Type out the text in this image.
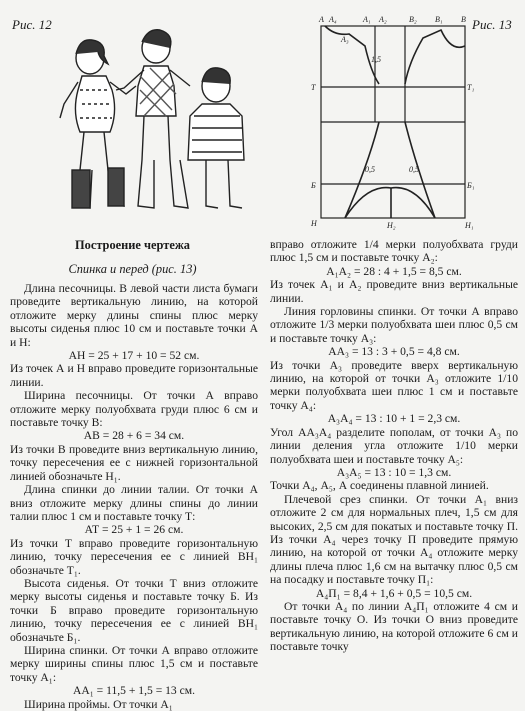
Рис. 12	Рис. 13
A A₄	A₁
A₃
A₂	B₂ B₁ B
T	T₁
Б	Б₁
H	H₂	H₁
0,5	0,5
1,5
Построение чертежа
Спинка и перед (рис. 13)

Длина песочницы. В левой части листа бумаги проведите вертикальную линию, на которой отложите мерку длины спины плюс мерку высоты сиденья плюс 10 см и поставьте точки А и Н:

АН = 25 + 17 + 10 = 52 см.

Из точек А и Н вправо проведите горизонтальные линии.

Ширина песочницы. От точки А вправо отложите мерку полуобхвата груди плюс 6 см и поставьте точку В:

АВ = 28 + 6 = 34 см.

Из точки В проведите вниз вертикальную линию, точку пересечения ее с нижней горизонтальной линией обозначьте Н₁.

Длина спинки до линии талии. От точки А вниз отложите мерку длины спины до линии талии плюс 1 см и поставьте точку Т:

АТ = 25 + 1 = 26 см.

Из точки Т вправо проведите горизонтальную линию, точку пересечения ее с линией ВН₁ обозначьте Т₁.

Высота сиденья. От точки Т вниз отложите мерку высоты сиденья и поставьте точку Б. Из точки Б вправо проведите горизонтальную линию, точку пересечения ее с линией ВН₁ обозначьте Б₁.

Ширина спинки. От точки А вправо отложите мерку ширины спины плюс 1,5 см и поставьте точку А₁:

АА₁ = 11,5 + 1,5 = 13 см.

Ширина проймы. От точки А₁

вправо отложите 1/4 мерки полуобхвата груди плюс 1,5 см и поставьте точку А₂:

А₁А₂ = 28 : 4 + 1,5 = 8,5 см.

Из точек А₁ и А₂ проведите вниз вертикальные линии.

Линия горловины спинки. От точки А вправо отложите 1/3 мерки полуобхвата шеи плюс 0,5 см и поставьте точку А₃:

АА₃ = 13 : 3 + 0,5 = 4,8 см.

Из точки А₃ проведите вверх вертикальную линию, на которой от точки А₃ отложите 1/10 мерки полуобхвата шеи плюс 1 см и поставьте точку А₄:

А₃А₄ = 13 : 10 + 1 = 2,3 см.

Угол АА₃А₄ разделите пополам, от точки А₃ по линии деления угла отложите 1/10 мерки полуобхвата шеи и поставьте точку А₅:

А₃А₅ = 13 : 10 = 1,3 см.

Точки А₄, А₅, А соединены плавной линией.

Плечевой срез спинки. От точки А₁ вниз отложите 2 см для нормальных плеч, 1,5 см для высоких, 2,5 см для покатых и поставьте точку П. Из точки А₄ через точку П проведите прямую линию, на которой от точки А₄ отложите мерку длины плеча плюс 1,6 см на вытачку плюс 0,5 см на посадку и поставьте точку П₁:

А₄П₁ = 8,4 + 1,6 + 0,5 = 10,5 см.

От точки А₄ по линии А₄П₁ отложите 4 см и поставьте точку О. Из точки О вниз проведите вертикальную линию, на которой отложите 6 см и поставьте точку
